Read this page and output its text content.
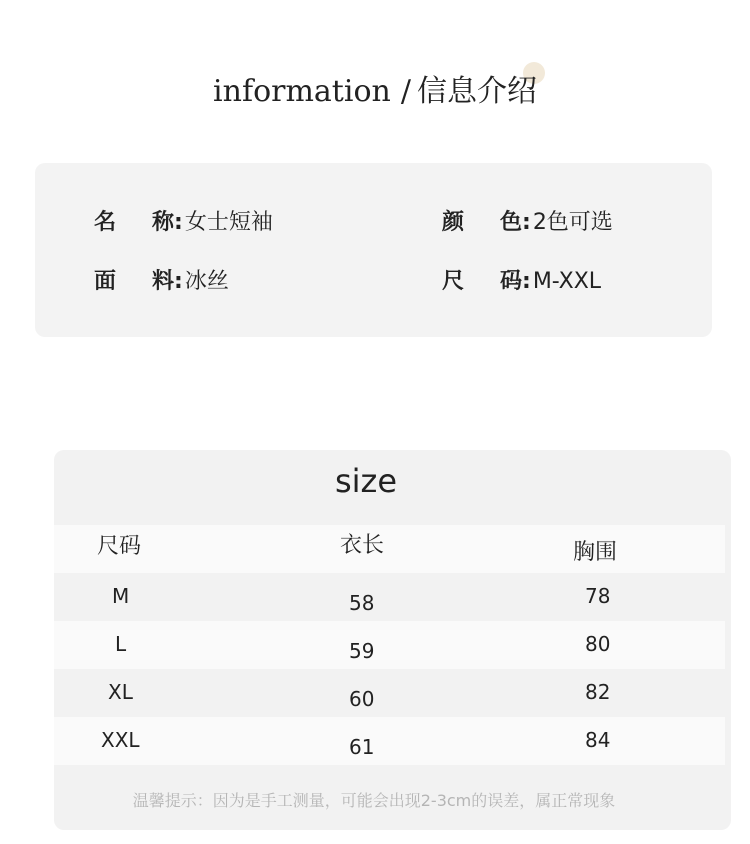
information / 信息介绍
名 称: 女士短袖	颜 色: 2色可选
面 料: 冰丝	尺 码: M-XXL
size
尺码	衣长	胸围
M	58	78
L	59	80
XL	60	82
XXL	61	84
温馨提示：因为是手工测量，可能会出现2-3cm的误差，属正常现象
